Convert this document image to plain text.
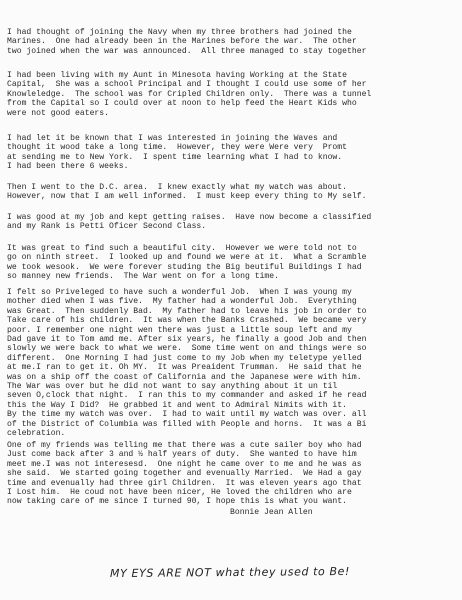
I had thought of joining the Navy when my three brothers had joined the
Marines.  One had already been in the Marines before the war.  The other
two joined when the war was announced.  All three managed to stay together
I had been living with my Aunt in Minesota having Working at the State
Capital,  She was a school Principal and I thought I could use some of her
Knowleledge.  The school was for Cripled Children only.  There was a tunnel
from the Capital so I could over at noon to help feed the Heart Kids who
were not good eaters.
I had let it be known that I was interested in joining the Waves and
thought it wood take a long time.  However, they were Were very  Promt
at sending me to New York.  I spent time learning what I had to know.
I had been there 6 weeks.
Then I went to the D.C. area.  I knew exactly what my watch was about.
However, now that I am well informed.  I must keep every thing to My self.
I was good at my job and kept getting raises.  Have now become a classified
and my Rank is Petti Oficer Second Class.
It was great to find such a beautiful city.  However we were told not to
go on ninth street.  I looked up and found we were at it.  What a Scramble
we took wesook.  We were forever studing the Big beutiful Buildings I had
so manney new friends.  The War went on for a long time.
I felt so Priveleged to have such a wonderful Job.  When I was young my
mother died when I was five.  My father had a wonderful Job.  Everything
was Great.  Then suddenly Bad.  My father had to leave his job in order to
Take care of his children.  It was when the Banks Crashed.  We became very
poor. I remember one night wen there was just a little soup left and my
Dad gave it to Tom amd me. After six years, he finally a good Job and then
slowly we were back to what we were.  Some time went on and things were so
different.  One Morning I had just come to my Job when my teletype yelled
at me.I ran to get it. Oh MY.  It was Preaident Trumman.  He said that he
was on a ship off the coast of California and the Japanese were with him.
The War was over but he did not want to say anything about it un til
seven O,clock that night.  I ran this to my commander and asked if he read
this the Way I Did?  He grabbed it and went to Admiral Nimits with it.
By the time my watch was over.  I had to wait until my watch was over. all
of the District of Columbia was filled with People and horns.  It was a Bi
celebration.
One of my friends was telling me that there was a cute sailer boy who had
Just come back after 3 and ½ half years of duty.  She wanted to have him
meet me.I was not interesesd.  One night he came over to me and he was as
she said.  We started going together and evenually Married.  We Had a gay
time and evenually had three girl Children.  It was eleven years ago that
I Lost him.  He coud not have been nicer, He loved the children who are
now taking care of me since I turned 90, I hope this is what you want.
Bonnie Jean Allen
MY EYS ARE NOT what they used to Be!
